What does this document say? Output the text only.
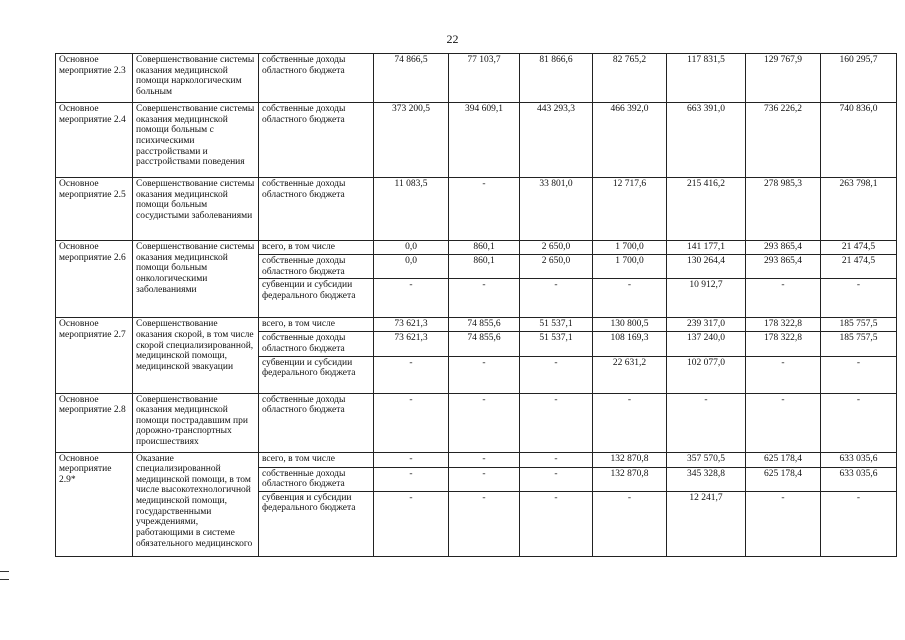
22
Основное мероприятие 2.3	Совершенствование системы оказания медицинской помощи наркологическим больным	собственные доходы областного бюджета	74 866,5	77 103,7	81 866,6	82 765,2	117 831,5	129 767,9	160 295,7
Основное мероприятие 2.4	Совершенствование системы оказания медицинской помощи больным с психическими расстройствами и расстройствами поведения	собственные доходы областного бюджета	373 200,5	394 609,1	443 293,3	466 392,0	663 391,0	736 226,2	740 836,0
Основное мероприятие 2.5	Совершенствование системы оказания медицинской помощи больным сосудистыми заболеваниями	собственные доходы областного бюджета	11 083,5	-	33 801,0	12 717,6	215 416,2	278 985,3	263 798,1
Основное мероприятие 2.6	Совершенствование системы оказания медицинской помощи больным онкологическими заболеваниями	всего, в том числе	0,0	860,1	2 650,0	1 700,0	141 177,1	293 865,4	21 474,5
		собственные доходы областного бюджета	0,0	860,1	2 650,0	1 700,0	130 264,4	293 865,4	21 474,5
		субвенции и субсидии федерального бюджета	-	-	-	-	10 912,7	-	-
Основное мероприятие 2.7	Совершенствование оказания скорой, в том числе скорой специализированной, медицинской помощи, медицинской эвакуации	всего, в том числе	73 621,3	74 855,6	51 537,1	130 800,5	239 317,0	178 322,8	185 757,5
		собственные доходы областного бюджета	73 621,3	74 855,6	51 537,1	108 169,3	137 240,0	178 322,8	185 757,5
		субвенции и субсидии федерального бюджета	-	-	-	22 631,2	102 077,0	-	-
Основное мероприятие 2.8	Совершенствование оказания медицинской помощи пострадавшим при дорожно-транспортных происшествиях	собственные доходы областного бюджета	-	-	-	-	-	-	-
Основное мероприятие 2.9*	Оказание специализированной медицинской помощи, в том числе высокотехнологичной медицинской помощи, государственными учреждениями, работающими в системе обязательного медицинского	всего, в том числе	-	-	-	132 870,8	357 570,5	625 178,4	633 035,6
		собственные доходы областного бюджета	-	-	-	132 870,8	345 328,8	625 178,4	633 035,6
		субвенция и субсидии федерального бюджета	-	-	-	-	12 241,7	-	-
